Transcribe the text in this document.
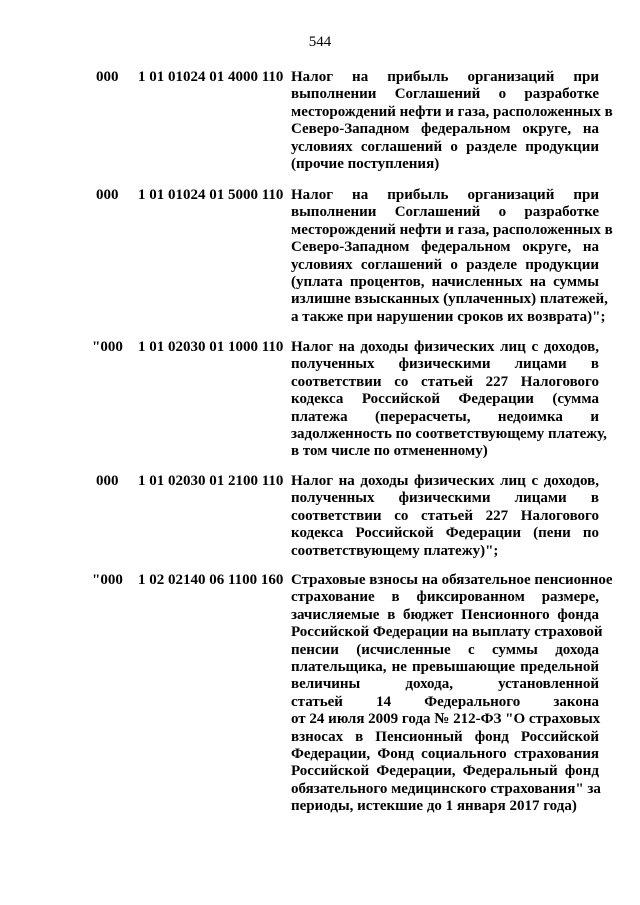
544
000 1 01 01024 01 4000 110 Налог на прибыль организаций при
выполнении Соглашений о разработке
месторождений нефти и газа, расположенных в
Северо-Западном федеральном округе, на
условиях соглашений о разделе продукции
(прочие поступления)
000 1 01 01024 01 5000 110 Налог на прибыль организаций при
выполнении Соглашений о разработке
месторождений нефти и газа, расположенных в
Северо-Западном федеральном округе, на
условиях соглашений о разделе продукции
(уплата процентов, начисленных на суммы
излишне взысканных (уплаченных) платежей,
а также при нарушении сроков их возврата)";
"000 1 01 02030 01 1000 110 Налог на доходы физических лиц с доходов,
полученных физическими лицами в
соответствии со статьей 227 Налогового
кодекса Российской Федерации (сумма
платежа (перерасчеты, недоимка и
задолженность по соответствующему платежу,
в том числе по отмененному)
000 1 01 02030 01 2100 110 Налог на доходы физических лиц с доходов,
полученных физическими лицами в
соответствии со статьей 227 Налогового
кодекса Российской Федерации (пени по
соответствующему платежу)";
"000 1 02 02140 06 1100 160 Страховые взносы на обязательное пенсионное
страхование в фиксированном размере,
зачисляемые в бюджет Пенсионного фонда
Российской Федерации на выплату страховой
пенсии (исчисленные с суммы дохода
плательщика, не превышающие предельной
величины дохода, установленной
статьей 14 Федерального закона
от 24 июля 2009 года № 212-ФЗ "О страховых
взносах в Пенсионный фонд Российской
Федерации, Фонд социального страхования
Российской Федерации, Федеральный фонд
обязательного медицинского страхования" за
периоды, истекшие до 1 января 2017 года)
